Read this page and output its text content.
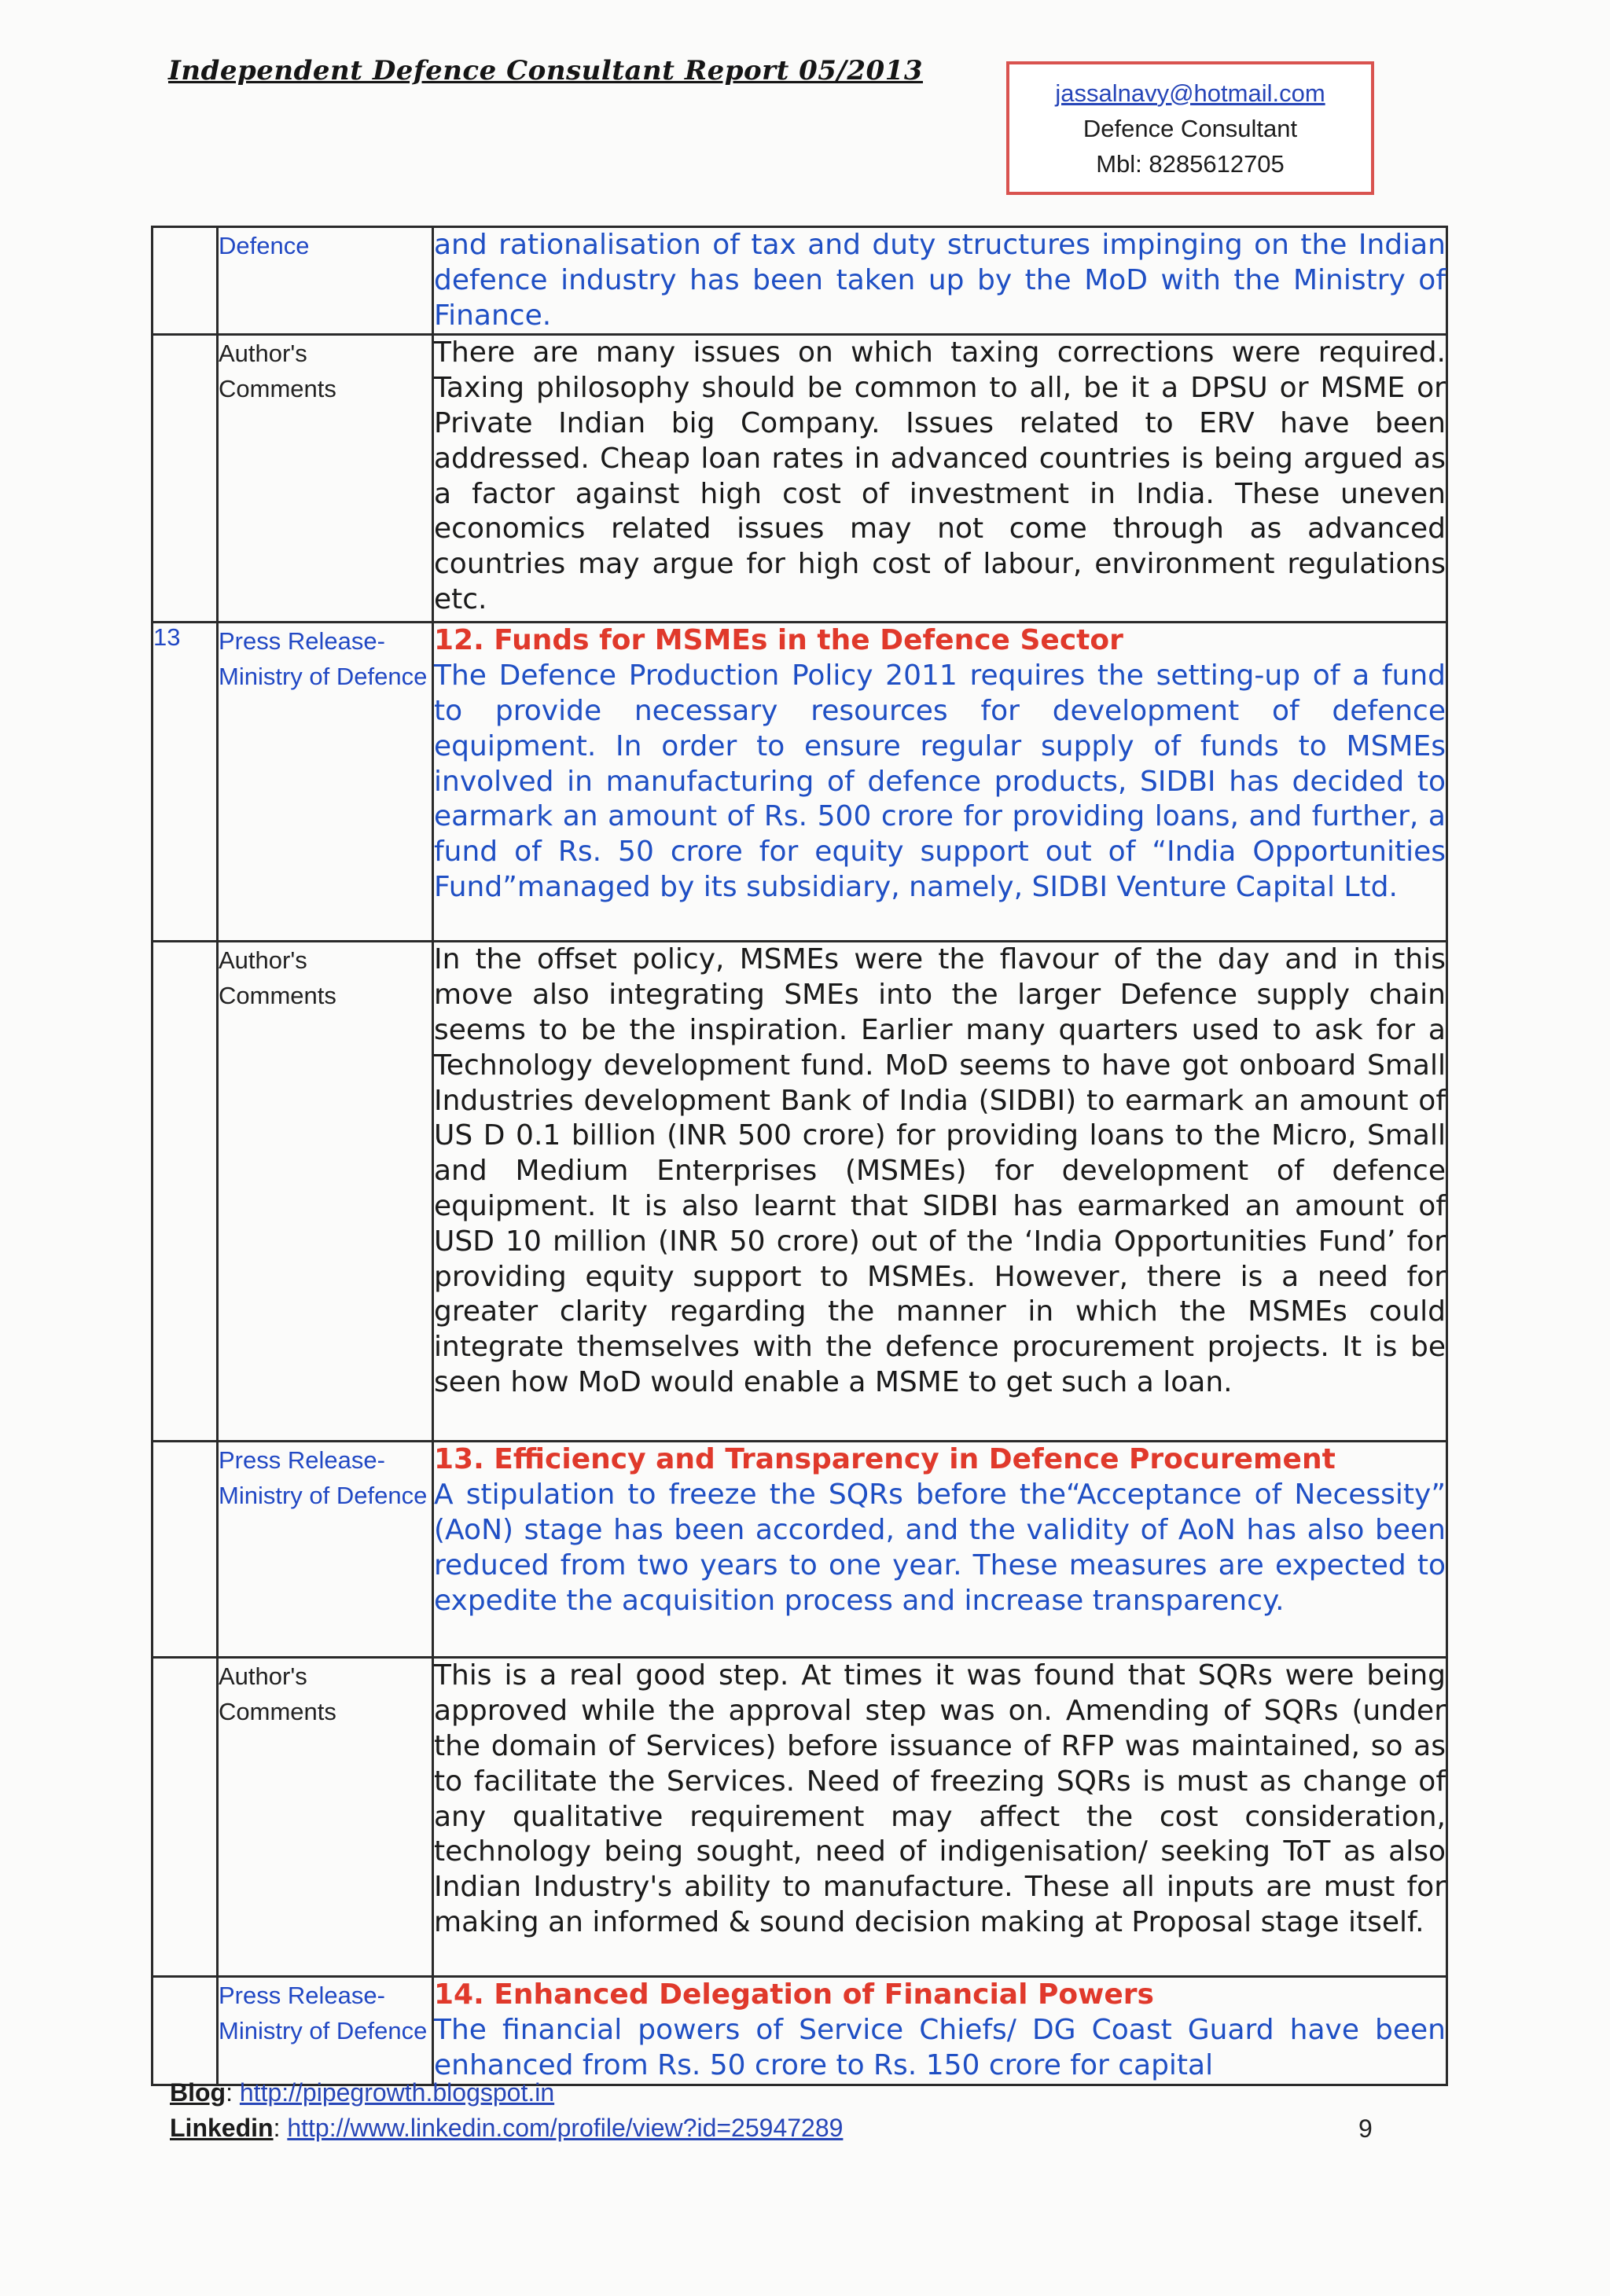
Independent Defence Consultant Report 05/2013
jassalnavy@hotmail.com
Defence Consultant
Mbl: 8285612705
	Defence	and rationalisation of tax and duty structures impinging on the Indian defence industry has been taken up by the MoD with the Ministry of Finance.
	Author's Comments	There are many issues on which taxing corrections were required. Taxing philosophy should be common to all, be it a DPSU or MSME or Private Indian big Company. Issues related to ERV have been addressed. Cheap loan rates in advanced countries is being argued as a factor against high cost of investment in India. These uneven economics related issues may not come through as advanced countries may argue for high cost of labour, environment regulations etc.
13	Press Release- Ministry of Defence	12. Funds for MSMEs in the Defence Sector
The Defence Production Policy 2011 requires the setting-up of a fund to provide necessary resources for development of defence equipment. In order to ensure regular supply of funds to MSMEs involved in manufacturing of defence products, SIDBI has decided to earmark an amount of Rs. 500 crore for providing loans, and further, a fund of Rs. 50 crore for equity support out of “India Opportunities Fund”managed by its subsidiary, namely, SIDBI Venture Capital Ltd.
	Author's Comments	In the offset policy, MSMEs were the flavour of the day and in this move also integrating SMEs into the larger Defence supply chain seems to be the inspiration. Earlier many quarters used to ask for a Technology development fund. MoD seems to have got onboard Small Industries development Bank of India (SIDBI) to earmark an amount of US D 0.1 billion (INR 500 crore) for providing loans to the Micro, Small and Medium Enterprises (MSMEs) for development of defence equipment. It is also learnt that SIDBI has earmarked an amount of USD 10 million (INR 50 crore) out of the ‘India Opportunities Fund’ for providing equity support to MSMEs. However, there is a need for greater clarity regarding the manner in which the MSMEs could integrate themselves with the defence procurement projects. It is be seen how MoD would enable a MSME to get such a loan.
	Press Release- Ministry of Defence	13. Efficiency and Transparency in Defence Procurement
A stipulation to freeze the SQRs before the“Acceptance of Necessity” (AoN) stage has been accorded, and the validity of AoN has also been reduced from two years to one year. These measures are expected to expedite the acquisition process and increase transparency.
	Author's Comments	This is a real good step. At times it was found that SQRs were being approved while the approval step was on. Amending of SQRs (under the domain of Services) before issuance of RFP was maintained, so as to facilitate the Services. Need of freezing SQRs is must as change of any qualitative requirement may affect the cost consideration, technology being sought, need of indigenisation/ seeking ToT as also Indian Industry's ability to manufacture. These all inputs are must for making an informed & sound decision making at Proposal stage itself.
	Press Release- Ministry of Defence	14. Enhanced Delegation of Financial Powers
The financial powers of Service Chiefs/ DG Coast Guard have been enhanced from Rs. 50 crore to Rs. 150 crore for capital
Blog: http://pipegrowth.blogspot.in
Linkedin: http://www.linkedin.com/profile/view?id=25947289	9
